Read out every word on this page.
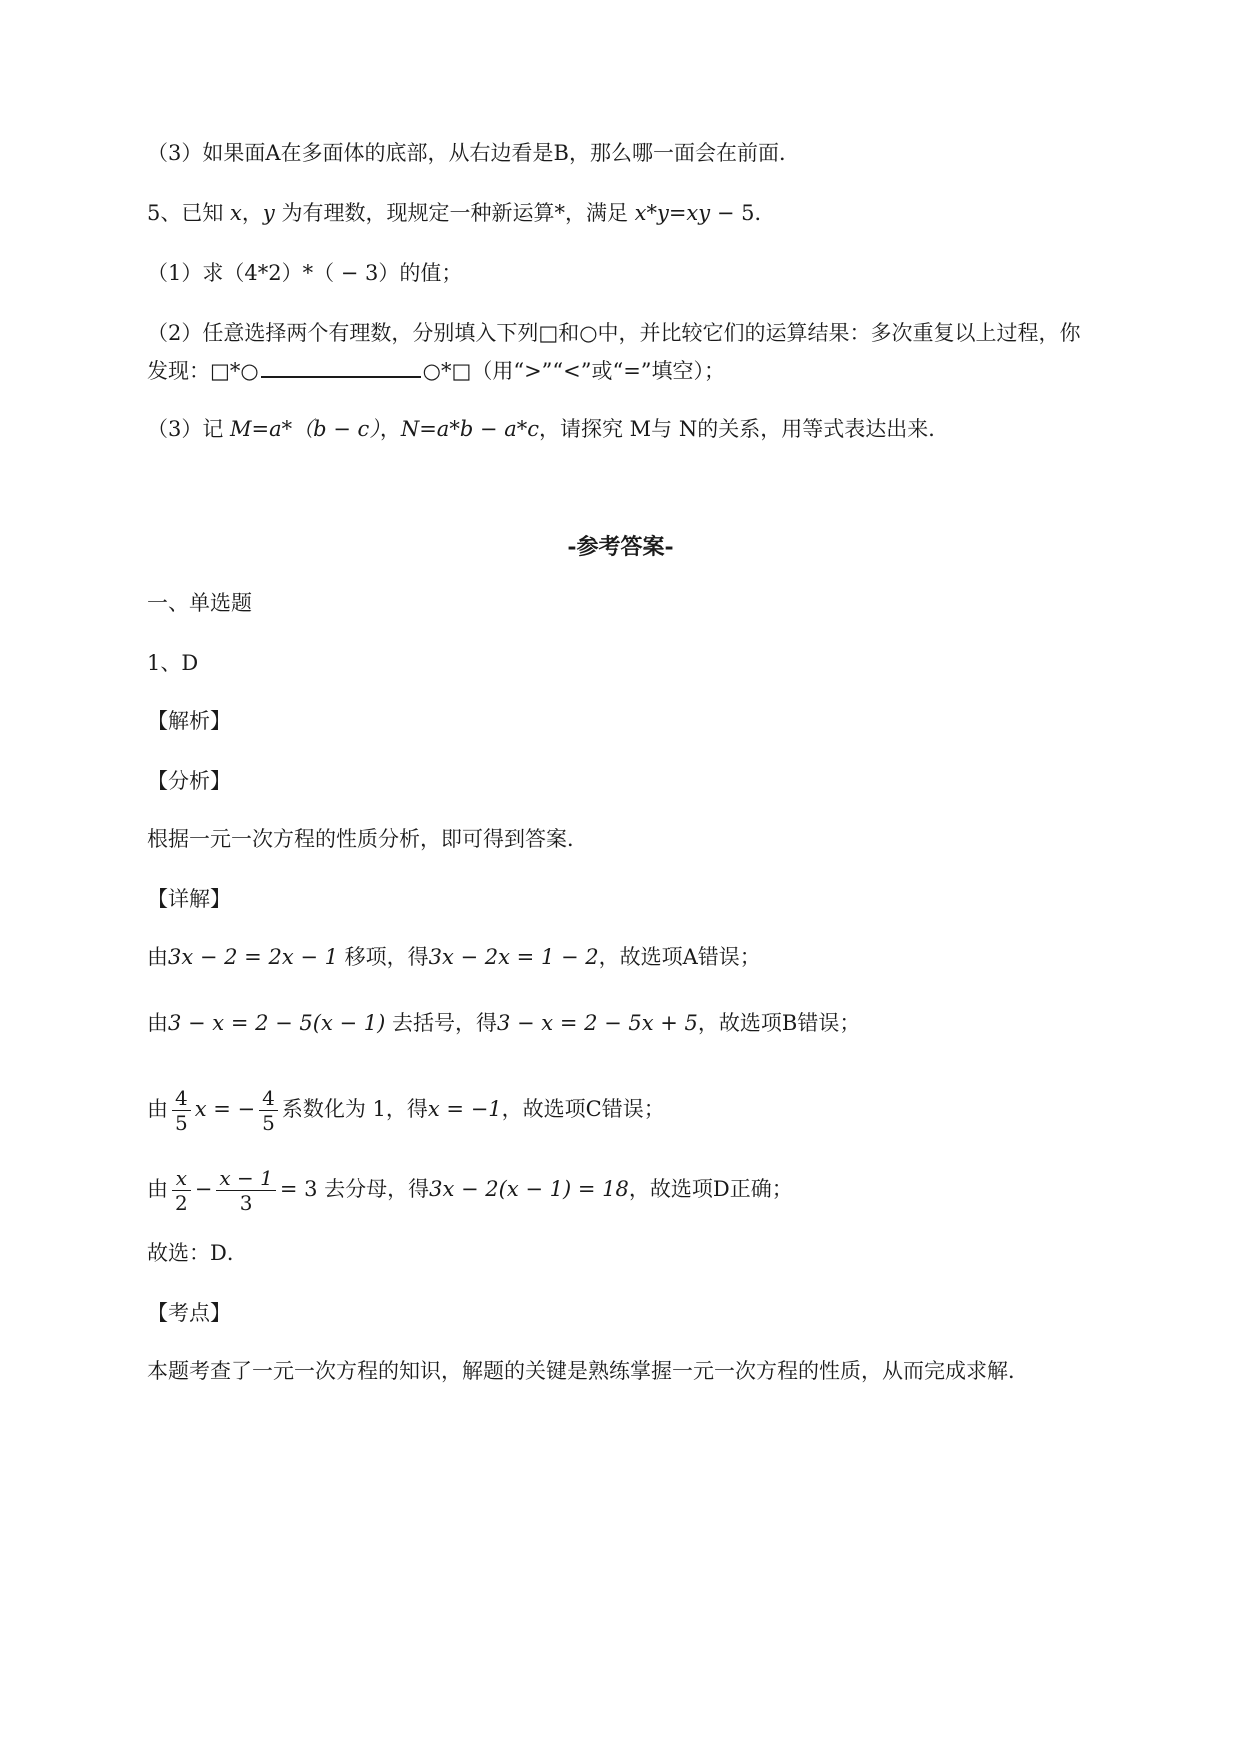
（3）如果面A在多面体的底部，从右边看是B，那么哪一面会在前面．
5、已知 x，y 为有理数，现规定一种新运算*，满足 x*y=xy − 5．
（1）求（4*2）*（ − 3）的值；
（2）任意选择两个有理数，分别填入下列□和○中，并比较它们的运算结果：多次重复以上过程，你
发现：□*○	○*□（用“>”“<”或“=”填空）；
（3）记 M=a*（b − c），N=a*b − a*c，请探究 M与 N的关系，用等式表达出来．
-参考答案-
一、单选题
1、D
【解析】
【分析】
根据一元一次方程的性质分析，即可得到答案．
【详解】
由3x − 2 = 2x − 1 移项，得3x − 2x = 1 − 2，故选项A错误；
由3 − x = 2 − 5(x − 1) 去括号，得3 − x = 2 − 5x + 5，故选项B错误；
由 $\frac{4}{5}$ x = − $\frac{4}{5}$ 系数化为 1，得x = −1，故选项C错误；
由 $\frac{x}{2} - \frac{x - 1}{3} = 3$ 去分母，得3x − 2(x − 1) = 18，故选项D正确；
故选：D．
【考点】
本题考查了一元一次方程的知识，解题的关键是熟练掌握一元一次方程的性质，从而完成求解．
